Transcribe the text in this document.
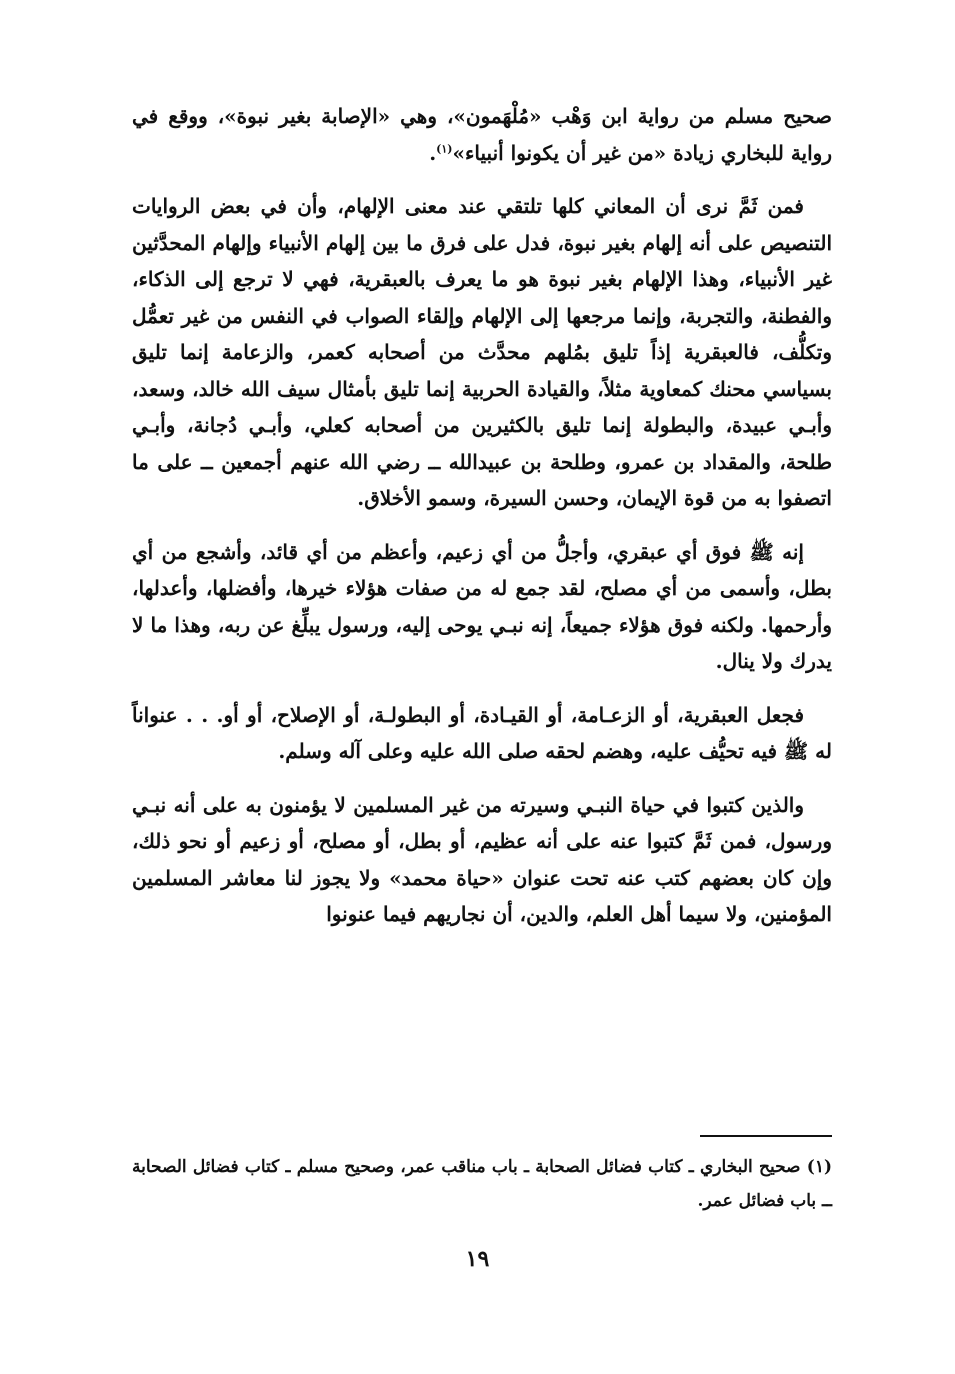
صحيح مسلم من رواية ابن وَهْب «مُلْهَمون»، وهي «الإصابة بغير نبوة»، ووقع في رواية للبخاري زيادة «من غير أن يكونوا أنبياء»$^{(١)}$.

فمن ثَمَّ نرى أن المعاني كلها تلتقي عند معنى الإلهام، وأن في بعض الروايات التنصيص على أنه إلهام بغير نبوة، فدل على فرق ما بين إلهام الأنبياء وإلهام المحدَّثين غير الأنبياء، وهذا الإلهام بغير نبوة هو ما يعرف بالعبقرية، فهي لا ترجع إلى الذكاء، والفطنة، والتجربة، وإنما مرجعها إلى الإلهام وإلقاء الصواب في النفس من غير تعمُّل وتكلُّف، فالعبقرية إذاً تليق بمُلهم محدَّث من أصحابه كعمر، والزعامة إنما تليق بسياسي محنك كمعاوية مثلاً، والقيادة الحربية إنما تليق بأمثال سيف الله خالد، وسعد، وأبـي عبيدة، والبطولة إنما تليق بالكثيرين من أصحابه كعلي، وأبـي دُجانة، وأبـي طلحة، والمقداد بن عمرو، وطلحة بن عبيدالله ــ رضي الله عنهم أجمعين ــ على ما اتصفوا به من قوة الإيمان، وحسن السيرة، وسمو الأخلاق.

إنه ﷺ فوق أي عبقري، وأجلُّ من أي زعيم، وأعظم من أي قائد، وأشجع من أي بطل، وأسمى من أي مصلح، لقد جمع له من صفات هؤلاء خيرها، وأفضلها، وأعدلها، وأرحمها. ولكنه فوق هؤلاء جميعاً، إنه نبـي يوحى إليه، ورسول يبلِّغ عن ربه، وهذا ما لا يدرك ولا ينال.

فجعل العبقرية، أو الزعـامة، أو القيـادة، أو البطولـة، أو الإصلاح، أو أو. . . عنواناً له ﷺ فيه تحيُّف عليه، وهضم لحقه صلى الله عليه وعلى آله وسلم.

والذين كتبوا في حياة النبـي وسيرته من غير المسلمين لا يؤمنون به على أنه نبـي ورسول، فمن ثَمَّ كتبوا عنه على أنه عظيم، أو بطل، أو مصلح، أو زعيم أو نحو ذلك، وإن كان بعضهم كتب عنه تحت عنوان «حياة محمد» ولا يجوز لنا معاشر المسلمين المؤمنين، ولا سيما أهل العلم، والدين، أن نجاريهم فيما عنونوا

(١) صحيح البخاري ـ كتاب فضائل الصحابة ـ باب مناقب عمر، وصحيح مسلم ـ كتاب فضائل الصحابة ــ باب فضائل عمر.

١٩
